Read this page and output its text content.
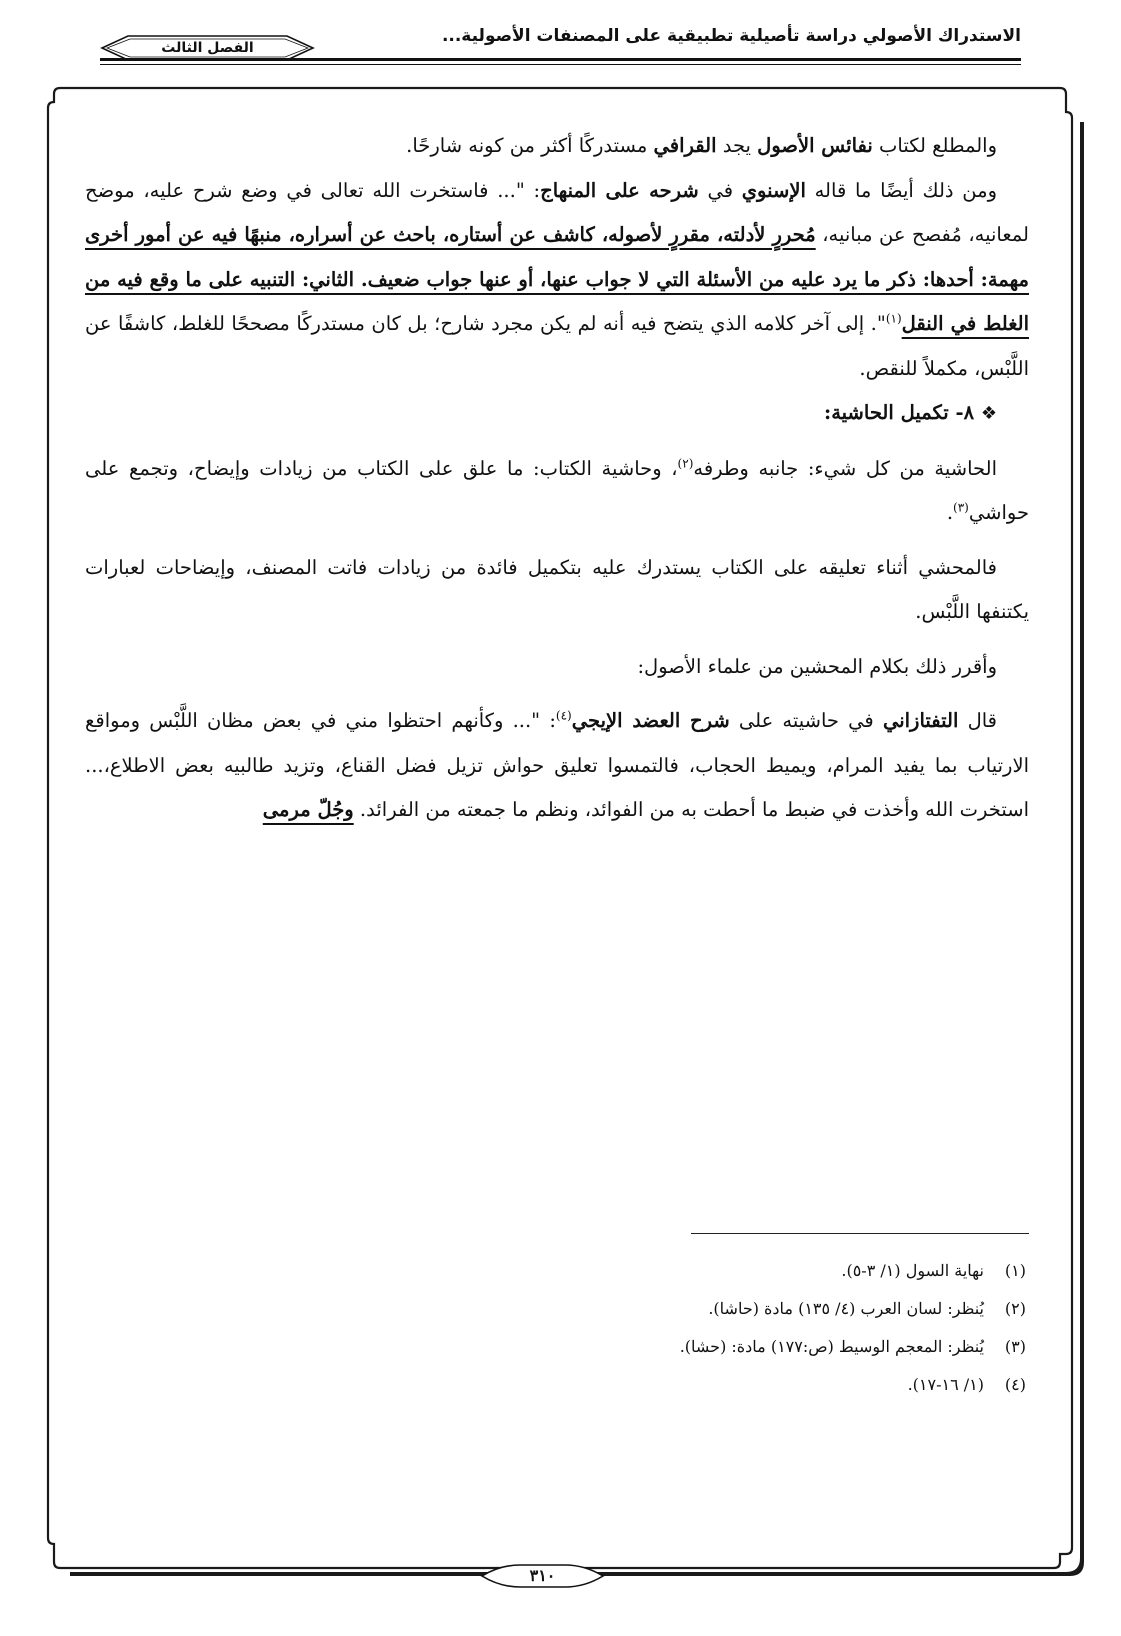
الاستدراك الأصولي دراسة تأصيلية تطبيقية على المصنفات الأصولية...
الفصل الثالث

والمطلع لكتاب نفائس الأصول يجد القرافي مستدركًا أكثر من كونه شارحًا.

ومن ذلك أيضًا ما قاله الإسنوي في شرحه على المنهاج: "... فاستخرت الله تعالى في وضع شرح عليه، موضح لمعانيه، مُفصح عن مبانيه، مُحررٍ لأدلته، مقررٍ لأصوله، كاشف عن أستاره، باحث عن أسراره، منبهًا فيه عن أمور أخرى مهمة: أحدها: ذكر ما يرد عليه من الأسئلة التي لا جواب عنها، أو عنها جواب ضعيف. الثاني: التنبيه على ما وقع فيه من الغلط في النقل$^{(١)}$". إلى آخر كلامه الذي يتضح فيه أنه لم يكن مجرد شارح؛ بل كان مستدركًا مصححًا للغلط، كاشفًا عن اللَّبْس، مكملاً للنقص.

❖ ٨- تكميل الحاشية:

الحاشية من كل شيء: جانبه وطرفه$^{(٢)}$، وحاشية الكتاب: ما علق على الكتاب من زيادات وإيضاح، وتجمع على حواشي$^{(٣)}$.

فالمحشي أثناء تعليقه على الكتاب يستدرك عليه بتكميل فائدة من زيادات فاتت المصنف، وإيضاحات لعبارات يكتنفها اللَّبْس.

وأقرر ذلك بكلام المحشين من علماء الأصول:

قال التفتازاني في حاشيته على شرح العضد الإيجي$^{(٤)}$: "... وكأنهم احتظوا مني في بعض مظان اللَّبْس ومواقع الارتياب بما يفيد المرام، ويميط الحجاب، فالتمسوا تعليق حواش تزيل فضل القناع، وتزيد طالبيه بعض الاطلاع،... استخرت الله وأخذت في ضبط ما أحطت به من الفوائد، ونظم ما جمعته من الفرائد. وجُلّ مرمى

(١)نهاية السول (١/ ٣-٥).
(٢)يُنظر: لسان العرب (٤/ ١٣٥) مادة (حاشا).
(٣)يُنظر: المعجم الوسيط (ص:١٧٧) مادة: (حشا).
(٤)(١/ ١٦-١٧).
٣١٠
